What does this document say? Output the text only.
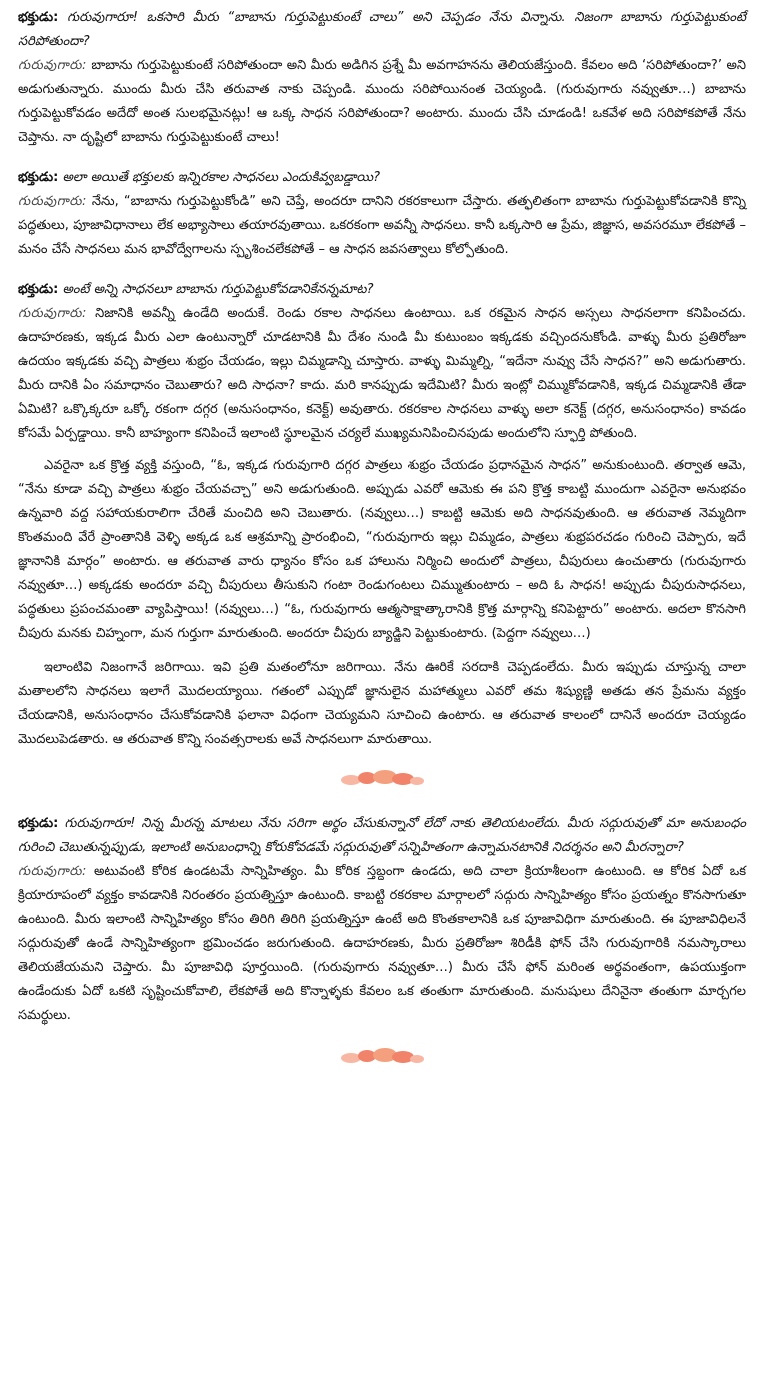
భక్తుడు: గురువుగారూ! ఒకసారి మీరు “బాబాను గుర్తుపెట్టుకుంటే చాలు” అని చెప్పడం నేను విన్నాను. నిజంగా బాబాను గుర్తుపెట్టుకుంటే సరిపోతుందా?
గురువుగారు: బాబాను గుర్తుపెట్టుకుంటే సరిపోతుందా అని మీరు అడిగిన ప్రశ్నే మీ అవగాహనను తెలియజేస్తుంది. కేవలం అది ‘సరిపోతుందా?’ అని అడుగుతున్నారు. ముందు మీరు చేసి తరువాత నాకు చెప్పండి. ముందు సరిపోయినంత చెయ్యండి. (గురువుగారు నవ్వుతూ…) బాబాను గుర్తుపెట్టుకోవడం అదేదో అంత సులభమైనట్లు! ఆ ఒక్క సాధన సరిపోతుందా? అంటారు. ముందు చేసి చూడండి! ఒకవేళ అది సరిపోకపోతే నేను చెప్తాను. నా దృష్టిలో బాబాను గుర్తుపెట్టుకుంటే చాలు!
భక్తుడు: అలా అయితే భక్తులకు ఇన్నిరకాల సాధనలు ఎందుకివ్వబడ్డాయి?
గురువుగారు: నేను, “బాబాను గుర్తుపెట్టుకోండి” అని చెప్తే, అందరూ దానిని రకరకాలుగా చేస్తారు. తత్ఫలితంగా బాబాను గుర్తుపెట్టుకోవడానికి కొన్ని పద్ధతులు, పూజావిధానాలు లేక అభ్యాసాలు తయారవుతాయి. ఒకరకంగా అవన్నీ సాధనలు. కానీ ఒక్కసారి ఆ ప్రేమ, జిజ్ఞాస, అవసరమూ లేకపోతే – మనం చేసే సాధనలు మన భావోద్వేగాలను స్పృశించలేకపోతే – ఆ సాధన జవసత్వాలు కోల్పోతుంది.
భక్తుడు: అంటే అన్ని సాధనలూ బాబాను గుర్తుపెట్టుకోవడానికేనన్నమాట?
గురువుగారు: నిజానికి అవన్నీ ఉండేది అందుకే. రెండు రకాల సాధనలు ఉంటాయి. ఒక రకమైన సాధన అస్సలు సాధనలాగా కనిపించదు. ఉదాహరణకు, ఇక్కడ మీరు ఎలా ఉంటున్నారో చూడటానికి మీ దేశం నుండి మీ కుటుంబం ఇక్కడకు వచ్చిందనుకోండి. వాళ్ళు మీరు ప్రతిరోజూ ఉదయం ఇక్కడకు వచ్చి పాత్రలు శుభ్రం చేయడం, ఇల్లు చిమ్మడాన్ని చూస్తారు. వాళ్ళు మిమ్మల్ని, “ఇదేనా నువ్వు చేసే సాధన?” అని అడుగుతారు. మీరు దానికి ఏం సమాధానం చెబుతారు? అది సాధనా? కాదు. మరి కానప్పుడు ఇదేమిటి? మీరు ఇంట్లో చిమ్ముకోవడానికి, ఇక్కడ చిమ్మడానికి తేడా ఏమిటి? ఒక్కొక్కరూ ఒక్కో రకంగా దగ్గర (అనుసంధానం, కనెక్ట్) అవుతారు. రకరకాల సాధనలు వాళ్ళు అలా కనెక్ట్ (దగ్గర, అనుసంధానం) కావడం కోసమే ఏర్పడ్డాయి. కానీ బాహ్యంగా కనిపించే ఇలాంటి స్థూలమైన చర్యలే ముఖ్యమనిపించినపుడు అందులోని స్ఫూర్తి పోతుంది.

ఎవరైనా ఒక క్రొత్త వ్యక్తి వస్తుంది, “ఓ, ఇక్కడ గురువుగారి దగ్గర పాత్రలు శుభ్రం చేయడం ప్రధానమైన సాధన” అనుకుంటుంది. తర్వాత ఆమె, “నేను కూడా వచ్చి పాత్రలు శుభ్రం చేయవచ్చా” అని అడుగుతుంది. అప్పుడు ఎవరో ఆమెకు ఈ పని క్రొత్త కాబట్టి ముందుగా ఎవరైనా అనుభవం ఉన్నవారి వద్ద సహాయకురాలిగా చేరితే మంచిది అని చెబుతారు. (నవ్వులు…) కాబట్టి ఆమెకు అది సాధనవుతుంది. ఆ తరువాత నెమ్మదిగా కొంతమంది వేరే ప్రాంతానికి వెళ్ళి అక్కడ ఒక ఆశ్రమాన్ని ప్రారంభించి, “గురువుగారు ఇల్లు చిమ్మడం, పాత్రలు శుభ్రపరచడం గురించి చెప్పారు, ఇదే జ్ఞానానికి మార్గం” అంటారు. ఆ తరువాత వారు ధ్యానం కోసం ఒక హాలును నిర్మించి అందులో పాత్రలు, చీపురులు ఉంచుతారు (గురువుగారు నవ్వుతూ…) అక్కడకు అందరూ వచ్చి చీపురులు తీసుకుని గంటా రెండుగంటలు చిమ్ముతుంటారు – అది ఓ సాధన! అప్పుడు చీపురుసాధనలు, పద్ధతులు ప్రపంచమంతా వ్యాపిస్తాయి! (నవ్వులు…) “ఓ, గురువుగారు ఆత్మసాక్షాత్కారానికి క్రొత్త మార్గాన్ని కనిపెట్టారు” అంటారు. అదలా కొనసాగి చీపురు మనకు చిహ్నంగా, మన గుర్తుగా మారుతుంది. అందరూ చీపురు బ్యాడ్జిని పెట్టుకుంటారు. (పెద్దగా నవ్వులు…)

ఇలాంటివి నిజంగానే జరిగాయి. ఇవి ప్రతి మతంలోనూ జరిగాయి. నేను ఊరికే సరదాకి చెప్పడంలేదు. మీరు ఇప్పుడు చూస్తున్న చాలా మతాలలోని సాధనలు ఇలాగే మొదలయ్యాయి. గతంలో ఎప్పుడో జ్ఞానులైన మహాత్ములు ఎవరో తమ శిష్యుణ్ణి అతడు తన ప్రేమను వ్యక్తం చేయడానికి, అనుసంధానం చేసుకోవడానికి ఫలానా విధంగా చెయ్యమని సూచించి ఉంటారు. ఆ తరువాత కాలంలో దానినే అందరూ చెయ్యడం మొదలుపెడతారు. ఆ తరువాత కొన్ని సంవత్సరాలకు అవే సాధనలుగా మారుతాయి.

భక్తుడు: గురువుగారూ! నిన్న మీరన్న మాటలు నేను సరిగా అర్థం చేసుకున్నానో లేదో నాకు తెలియటంలేదు. మీరు సద్గురువుతో మా అనుబంధం గురించి చెబుతున్నప్పుడు, ఇలాంటి అనుబంధాన్ని కోరుకోవడమే సద్గురువుతో సన్నిహితంగా ఉన్నామనటానికి నిదర్శనం అని మీరన్నారా?
గురువుగారు: అటువంటి కోరిక ఉండటమే సాన్నిహిత్యం. మీ కోరిక స్తబ్దంగా ఉండదు, అది చాలా క్రియాశీలంగా ఉంటుంది. ఆ కోరిక ఏదో ఒక క్రియారూపంలో వ్యక్తం కావడానికి నిరంతరం ప్రయత్నిస్తూ ఉంటుంది. కాబట్టి రకరకాల మార్గాలలో సద్గురు సాన్నిహిత్యం కోసం ప్రయత్నం కొనసాగుతూ ఉంటుంది. మీరు ఇలాంటి సాన్నిహిత్యం కోసం తిరిగి తిరిగి ప్రయత్నిస్తూ ఉంటే అది కొంతకాలానికి ఒక పూజావిధిగా మారుతుంది. ఈ పూజావిధిలనే సద్గురువుతో ఉండే సాన్నిహిత్యంగా భ్రమించడం జరుగుతుంది. ఉదాహరణకు, మీరు ప్రతిరోజూ శిరిడీకి ఫోన్ చేసి గురువుగారికి నమస్కారాలు తెలియజేయమని చెప్తారు. మీ పూజావిధి పూర్తయింది. (గురువుగారు నవ్వుతూ…) మీరు చేసే ఫోన్ మరింత అర్థవంతంగా, ఉపయుక్తంగా ఉండేందుకు ఏదో ఒకటి సృష్టించుకోవాలి, లేకపోతే అది కొన్నాళ్ళకు కేవలం ఒక తంతుగా మారుతుంది. మనుషులు దేనినైనా తంతుగా మార్చగల సమర్థులు.
